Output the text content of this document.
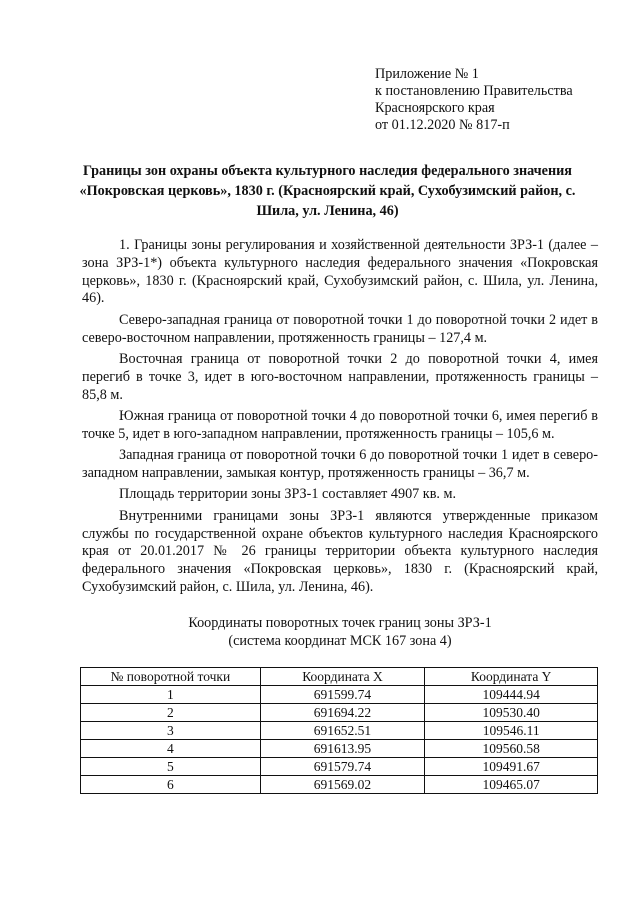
Приложение № 1
к постановлению Правительства
Красноярского края
от 01.12.2020 № 817-п
Границы зон охраны объекта культурного наследия федерального значения «Покровская церковь», 1830 г. (Красноярский край, Сухобузимский район, с. Шила, ул. Ленина, 46)

1. Границы зоны регулирования и хозяйственной деятельности ЗРЗ-1 (далее – зона ЗРЗ-1*) объекта культурного наследия федерального значения «Покровская церковь», 1830 г. (Красноярский край, Сухобузимский район, с. Шила, ул. Ленина, 46).

Северо-западная граница от поворотной точки 1 до поворотной точки 2 идет в северо-восточном направлении, протяженность границы – 127,4 м.

Восточная граница от поворотной точки 2 до поворотной точки 4, имея перегиб в точке 3, идет в юго-восточном направлении, протяженность границы – 85,8 м.

Южная граница от поворотной точки 4 до поворотной точки 6, имея перегиб в точке 5, идет в юго-западном направлении, протяженность границы – 105,6 м.

Западная граница от поворотной точки 6 до поворотной точки 1 идет в северо-западном направлении, замыкая контур, протяженность границы – 36,7 м.

Площадь территории зоны ЗРЗ-1 составляет 4907 кв. м.

Внутренними границами зоны ЗРЗ-1 являются утвержденные приказом службы по государственной охране объектов культурного наследия Красноярского края от 20.01.2017 № 26 границы территории объекта культурного наследия федерального значения «Покровская церковь», 1830 г. (Красноярский край, Сухобузимский район, с. Шила, ул. Ленина, 46).

Координаты поворотных точек границ зоны ЗРЗ-1
(система координат МСК 167 зона 4)
№ поворотной точки	Координата X	Координата Y
1	691599.74	109444.94
2	691694.22	109530.40
3	691652.51	109546.11
4	691613.95	109560.58
5	691579.74	109491.67
6	691569.02	109465.07
